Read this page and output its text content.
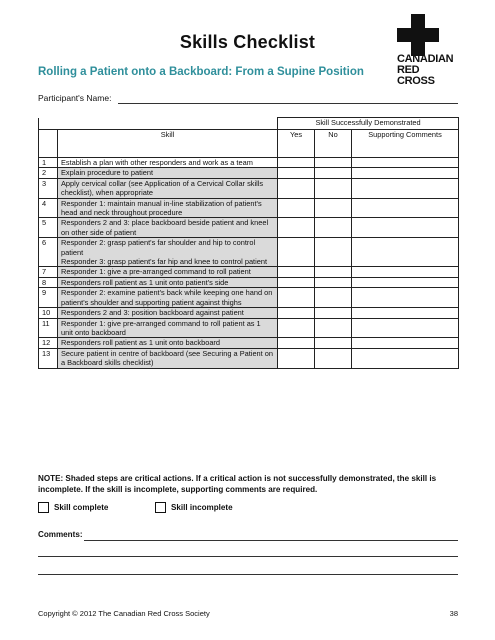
Skills Checklist
CANADIAN
RED CROSS
Rolling a Patient onto a Backboard: From a Supine Position
Participant's Name:
		Skill Successfully Demonstrated		
	Skill	Yes	No	Supporting Comments
1	Establish a plan with other responders and work as a team			
2	Explain procedure to patient			
3	Apply cervical collar (see Application of a Cervical Collar skills checklist), when appropriate			
4	Responder 1: maintain manual in-line stabilization of patient's head and neck throughout procedure			
5	Responders 2 and 3: place backboard beside patient and kneel on other side of patient			
6	Responder 2: grasp patient's far shoulder and hip to control patient
Responder 3: grasp patient's far hip and knee to control patient			
7	Responder 1: give a pre-arranged command to roll patient			
8	Responders roll patient as 1 unit onto patient's side			
9	Responder 2: examine patient's back while keeping one hand on patient's shoulder and supporting patient against thighs			
10	Responders 2 and 3: position backboard against patient			
11	Responder 1: give pre-arranged command to roll patient as 1 unit onto backboard			
12	Responders roll patient as 1 unit onto backboard			
13	Secure patient in centre of backboard (see Securing a Patient on a Backboard skills checklist)			
NOTE: Shaded steps are critical actions. If a critical action is not successfully demonstrated, the skill is incomplete. If the skill is incomplete, supporting comments are required.
Skill complete	Skill incomplete
Comments:
Copyright © 2012 The Canadian Red Cross Society	38
